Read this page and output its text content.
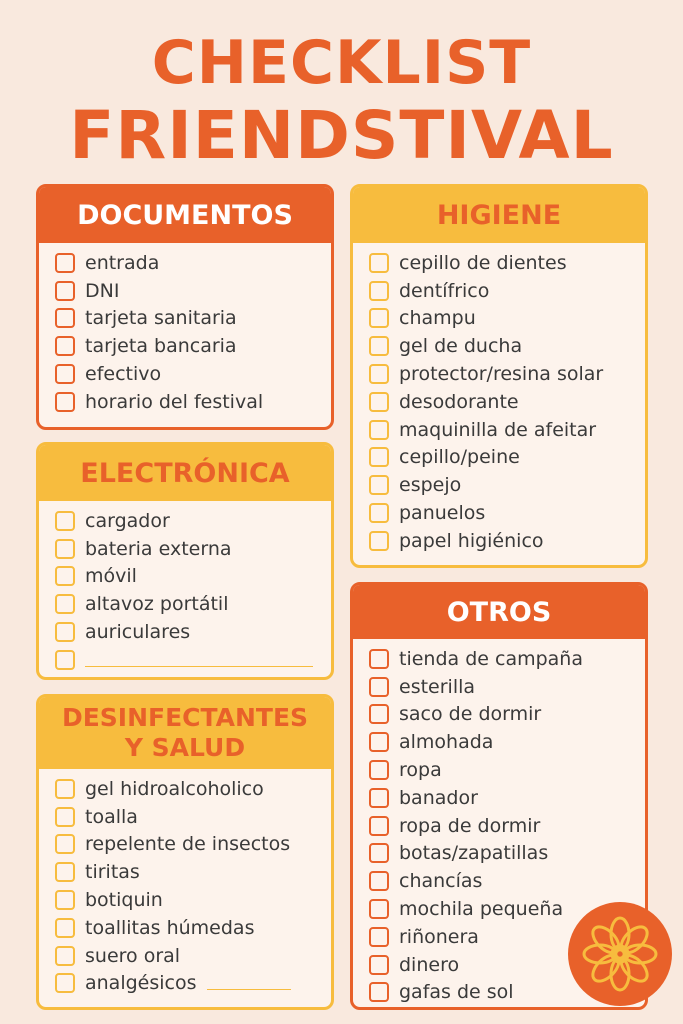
CHECKLIST
FRIENDSTIVAL
DOCUMENTOS
entrada
DNI
tarjeta sanitaria
tarjeta bancaria
efectivo
horario del festival
ELECTRÓNICA
cargador
bateria externa
móvil
altavoz portátil
auriculares
DESINFECTANTES
Y SALUD
gel hidroalcoholico
toalla
repelente de insectos
tiritas
botiquin
toallitas húmedas
suero oral
analgésicos
HIGIENE
cepillo de dientes
dentífrico
champu
gel de ducha
protector/resina solar
desodorante
maquinilla de afeitar
cepillo/peine
espejo
panuelos
papel higiénico
OTROS
tienda de campaña
esterilla
saco de dormir
almohada
ropa
banador
ropa de dormir
botas/zapatillas
chancías
mochila pequeña
riñonera
dinero
gafas de sol
